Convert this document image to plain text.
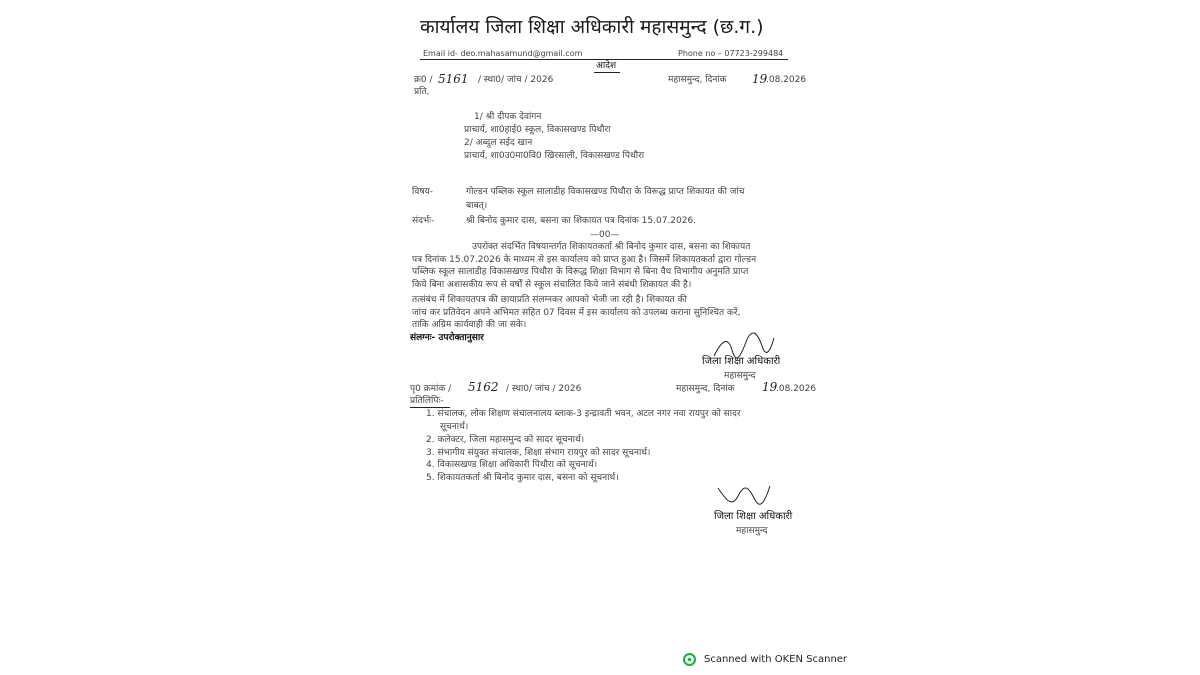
कार्यालय जिला शिक्षा अधिकारी महासमुन्द (छ.ग.)
Email id- deo.mahasamund@gmail.com	Phone no – 07723-299484
आदेश
क्र0 / 5161 / स्था0/ जांच / 2026	महासमुन्द, दिनांक 19
.08.2026
प्रति,
1/ श्री दीपक देवांगन
प्राचार्य, शा0हाई0 स्कूल, विकासखण्ड पिथौरा
2/ अब्दुल सईद खान
प्राचार्य, शा0उ0मा0वि0 खिरसाली, विकासखण्ड पिथौरा
विषय-	गोल्डन पब्लिक स्कूल सालाडीह विकासखण्ड पिथौरा के विरूद्ध प्राप्त शिकायत की जांच
बाबत्।
संदर्भः-	श्री बिनोद कुमार दास, बसना का शिकायत पत्र दिनांक 15.07.2026.
—00—
उपरोक्त संदर्भित विषयान्तर्गत शिकायतकर्ता श्री बिनोद कुमार दास, बसना का शिकायत
पत्र दिनांक 15.07.2026 के माध्यम से इस कार्यालय को प्राप्त हुआ है। जिसमें शिकायतकर्ता द्वारा गोल्डन
पब्लिक स्कूल सालाडीह विकासखण्ड पिथौरा के विरूद्ध शिक्षा विभाग से बिना वैध विभागीय अनुमति प्राप्त
किये बिना अशासकीय रूप से वर्षों से स्कूल संचालित किये जाने संबंधी शिकायत की है।
तत्संबंध में शिकायतपत्र की छायाप्रति संलग्नकर आपको भेजी जा रही है। शिकायत की
जांच कर प्रतिवेदन अपने अभिमत सहित 07 दिवस में इस कार्यालय को उपलब्ध कराना सुनिश्चित करें,
ताकि अग्रिम कार्यवाही की जा सके।
संलग्नः- उपरोक्तानुसार
जिला शिक्षा अधिकारी
महासमुन्द
पृ0 क्रमांक / 5162 / स्था0/ जांच / 2026	महासमुन्द, दिनांक 19
.08.2026
प्रतिलिपिः-
1. संचालक, लोक शिक्षण संचालनालय ब्लाक-3 इन्द्रावती भवन, अटल नगर नवा रायपुर को सादर
सूचनार्थ।
2. कलेक्टर, जिला महासमुन्द को सादर सूचनार्थ।
3. संभागीय संयुक्त संचालक, शिक्षा संभाग रायपुर को सादर सूचनार्थ।
4. विकासखण्ड शिक्षा अधिकारी पिथौरा को सूचनार्थ।
5. शिकायतकर्ता श्री बिनोद कुमार दास, बसना को सूचनार्थ।
जिला शिक्षा अधिकारी
महासमुन्द
Scanned with OKEN Scanner
